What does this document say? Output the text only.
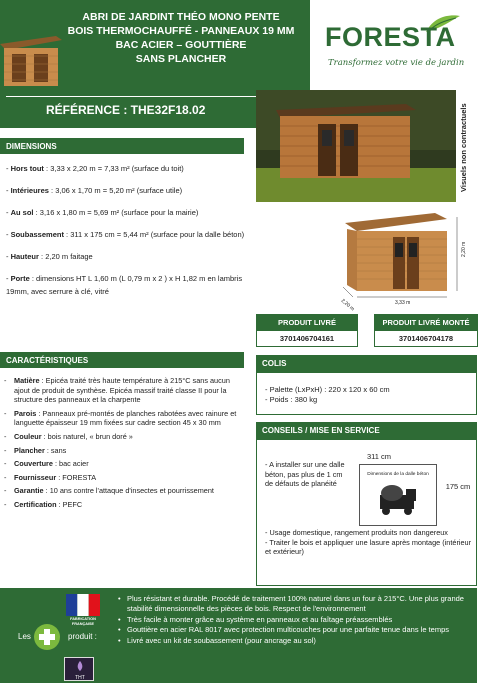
ABRI DE JARDINT THÉO MONO PENTE
BOIS THERMOCHAUFFÉ - PANNEAUX 19 MM
BAC ACIER – GOUTTIÈRE
SANS PLANCHER
RÉFÉRENCE : THE32F18.02
FORESTA
Transformez votre vie de jardin
Visuels non contractuels
2,20 m
3,33 m
2,20 m
PRODUIT LIVRÉ
3701406704161
PRODUIT LIVRÉ MONTÉ
3701406704178
DIMENSIONS
- Hors tout : 3,33 x 2,20 m = 7,33 m² (surface du toit)
- Intérieures : 3,06 x 1,70 m = 5,20 m² (surface utile)
- Au sol : 3,16 x 1,80 m = 5,69 m² (surface pour la mairie)
- Soubassement : 311 x 175 cm = 5,44 m² (surface pour la dalle béton)
- Hauteur : 2,20 m faitage
- Porte : dimensions HT L 1,60 m (L 0,79 m x 2 ) x H 1,82 m en lambris 19mm, avec serrure à clé, vitré
CARACTÉRISTIQUES
-	Matière : Epicéa traité très haute température à 215°C sans aucun ajout de produit de synthèse. Epicéa massif traité classe II pour la structure des panneaux et la charpente
-	Parois : Panneaux pré-montés de planches rabotées avec rainure et languette épaisseur 19 mm fixées sur cadre section 45 x 30 mm
-	Couleur : bois naturel, « brun doré »
-	Plancher : sans
-	Couverture : bac acier
-	Fournisseur : FORESTA
-	Garantie : 10 ans contre l'attaque d'insectes et pourrissement
-	Certification : PEFC
COLIS
- Palette (LxPxH) : 220 x 120 x 60 cm
- Poids : 380 kg
CONSEILS / MISE EN SERVICE
- A installer sur une dalle béton, pas plus de 1 cm de défauts de planéité
311 cm
Dimensions de la dalle béton
175 cm
- Usage domestique, rangement produits non dangereux
- Traiter le bois et appliquer une lasure après montage (intérieur et extérieur)
FABRICATION FRANÇAISE
Les	produit :
THT
• Plus résistant et durable. Procédé de traitement 100% naturel dans un four à 215°C. Une plus grande stabilité dimensionnelle des pièces de bois. Respect de l'environnement
• Très facile à monter grâce au système en panneaux et au faîtage préassemblés
• Gouttière en acier RAL 8017 avec protection multicouches pour une parfaite tenue dans le temps
• Livré avec un kit de soubassement (pour ancrage au sol)
